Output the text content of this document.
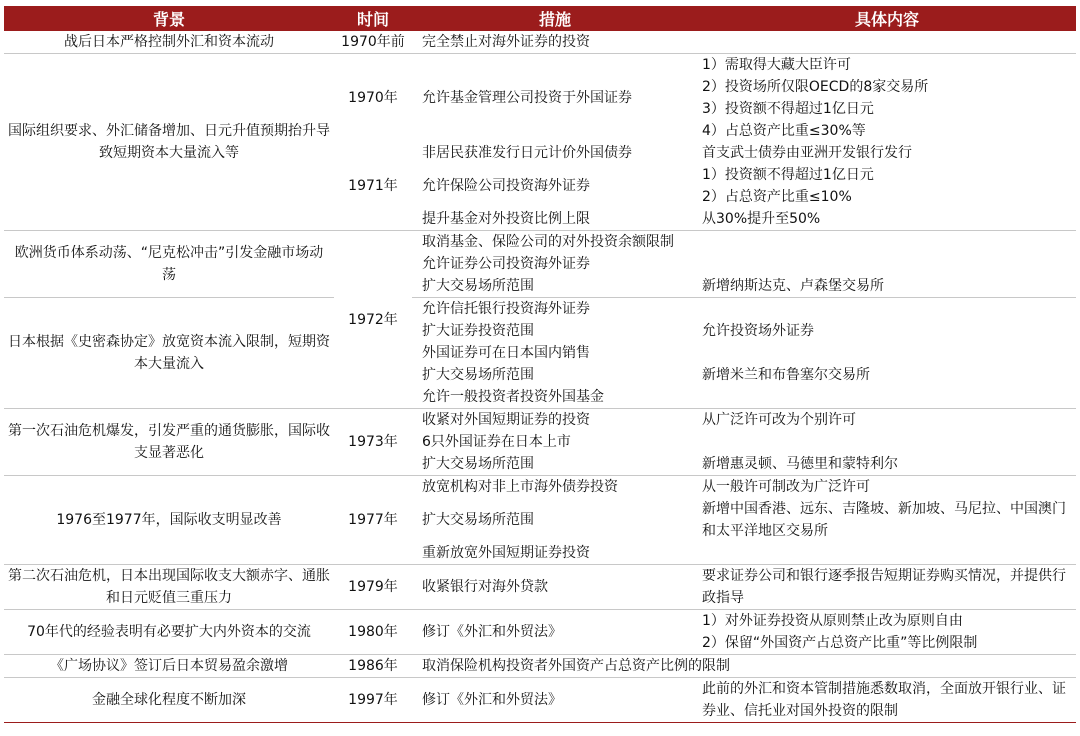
背景	时间	措施	具体内容
战后日本严格控制外汇和资本流动	1970年前	完全禁止对海外证券的投资	
国际组织要求、外汇储备增加、日元升值预期抬升导致短期资本大量流入等	1970年	允许基金管理公司投资于外国证券	1）需取得大藏大臣许可
2）投资场所仅限OECD的8家交易所
3）投资额不得超过1亿日元
4）占总资产比重≤30%等

	1971年	非居民获准发行日元计价外国债券	首支武士债券由亚洲开发银行发行
		允许保险公司投资海外证券	1）投资额不得超过1亿日元
2）占总资产比重≤10%

		提升基金对外投资比例上限	从30%提升至50%
欧洲货币体系动荡、“尼克松冲击”引发金融市场动荡	1972年	取消基金、保险公司的对外投资余额限制	
		允许证券公司投资海外证券	
		扩大交易场所范围	新增纳斯达克、卢森堡交易所
日本根据《史密森协定》放宽资本流入限制，短期资本大量流入		允许信托银行投资海外证券	
		扩大证券投资范围	允许投资场外证券
		外国证券可在日本国内销售	
		扩大交易场所范围	新增米兰和布鲁塞尔交易所
		允许一般投资者投资外国基金	
第一次石油危机爆发，引发严重的通货膨胀，国际收支显著恶化	1973年	收紧对外国短期证券的投资	从广泛许可改为个别许可
		6只外国证券在日本上市	
		扩大交易场所范围	新增惠灵顿、马德里和蒙特利尔
1976至1977年，国际收支明显改善	1977年	放宽机构对非上市海外债券投资	从一般许可制改为广泛许可
		扩大交易场所范围	新增中国香港、远东、吉隆坡、新加坡、马尼拉、中国澳门和太平洋地区交易所
		重新放宽外国短期证券投资	
第二次石油危机，日本出现国际收支大额赤字、通胀和日元贬值三重压力	1979年	收紧银行对海外贷款	要求证券公司和银行逐季报告短期证券购买情况，并提供行政指导
70年代的经验表明有必要扩大内外资本的交流	1980年	修订《外汇和外贸法》	1）对外证券投资从原则禁止改为原则自由
2）保留“外国资产占总资产比重”等比例限制

《广场协议》签订后日本贸易盈余激增	1986年	取消保险机构投资者外国资产占总资产比例的限制	
金融全球化程度不断加深	1997年	修订《外汇和外贸法》	此前的外汇和资本管制措施悉数取消，全面放开银行业、证券业、信托业对国外投资的限制
